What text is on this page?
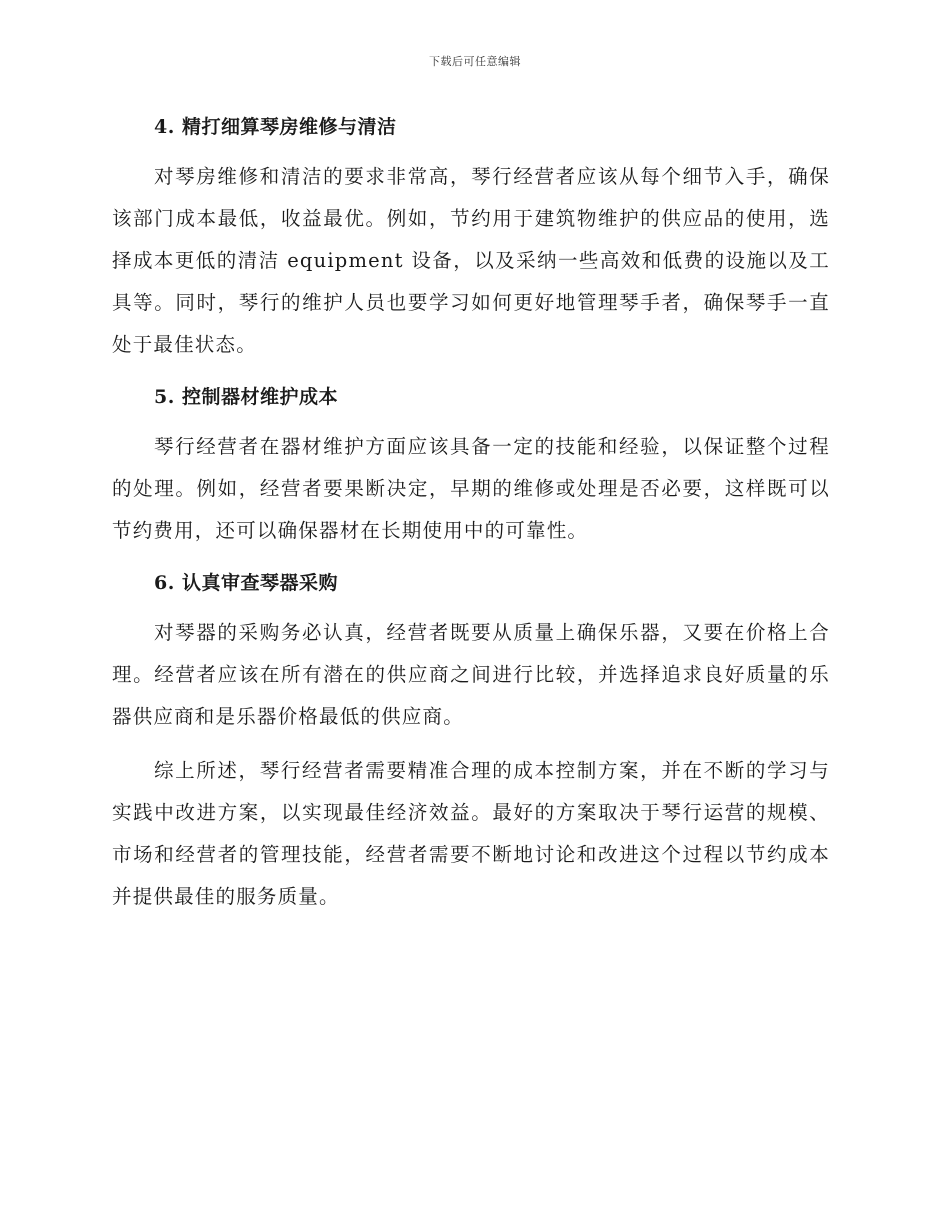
下载后可任意编辑
4. 精打细算琴房维修与清洁

对琴房维修和清洁的要求非常高，琴行经营者应该从每个细节入手，确保该部门成本最低，收益最优。例如，节约用于建筑物维护的供应品的使用，选择成本更低的清洁 equipment 设备，以及采纳一些高效和低费的设施以及工具等。同时，琴行的维护人员也要学习如何更好地管理琴手者，确保琴手一直处于最佳状态。

5. 控制器材维护成本

琴行经营者在器材维护方面应该具备一定的技能和经验，以保证整个过程的处理。例如，经营者要果断决定，早期的维修或处理是否必要，这样既可以节约费用，还可以确保器材在长期使用中的可靠性。

6. 认真审查琴器采购

对琴器的采购务必认真，经营者既要从质量上确保乐器，又要在价格上合理。经营者应该在所有潜在的供应商之间进行比较，并选择追求良好质量的乐器供应商和是乐器价格最低的供应商。

综上所述，琴行经营者需要精准合理的成本控制方案，并在不断的学习与实践中改进方案，以实现最佳经济效益。最好的方案取决于琴行运营的规模、市场和经营者的管理技能，经营者需要不断地讨论和改进这个过程以节约成本并提供最佳的服务质量。
